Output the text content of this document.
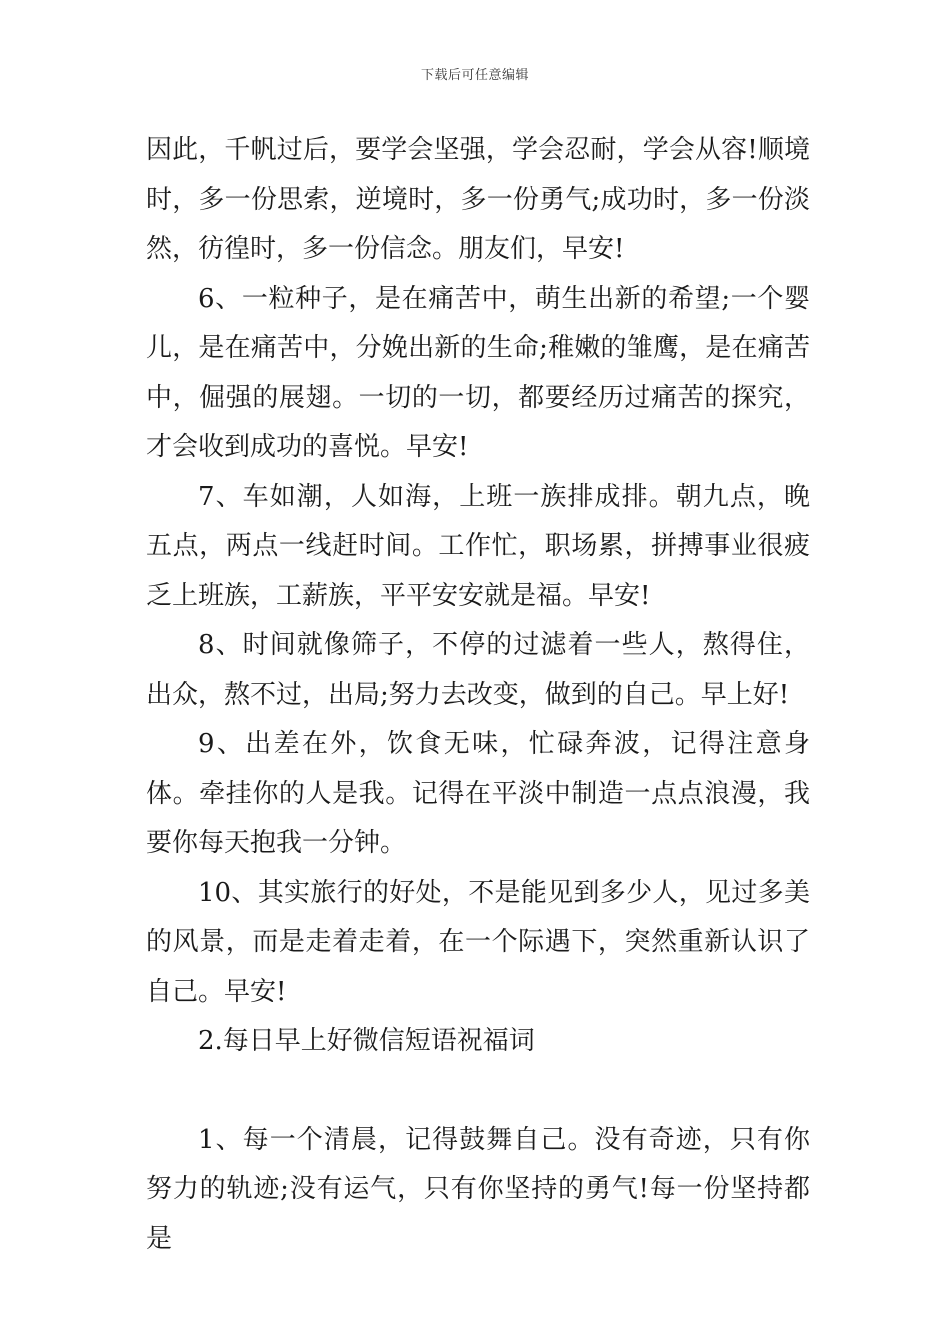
下载后可任意编辑

因此，千帆过后，要学会坚强，学会忍耐，学会从容!顺境时，多一份思索，逆境时，多一份勇气;成功时，多一份淡然，彷徨时，多一份信念。朋友们，早安!

6、一粒种子，是在痛苦中，萌生出新的希望;一个婴儿，是在痛苦中，分娩出新的生命;稚嫩的雏鹰，是在痛苦中，倔强的展翅。一切的一切，都要经历过痛苦的探究，才会收到成功的喜悦。早安!

7、车如潮，人如海，上班一族排成排。朝九点，晚五点，两点一线赶时间。工作忙，职场累，拼搏事业很疲乏上班族，工薪族，平平安安就是福。早安!

8、时间就像筛子，不停的过滤着一些人，熬得住，出众，熬不过，出局;努力去改变，做到的自己。早上好!

9、出差在外，饮食无味，忙碌奔波，记得注意身体。牵挂你的人是我。记得在平淡中制造一点点浪漫，我要你每天抱我一分钟。

10、其实旅行的好处，不是能见到多少人，见过多美的风景，而是走着走着，在一个际遇下，突然重新认识了自己。早安!

2.每日早上好微信短语祝福词

1、每一个清晨，记得鼓舞自己。没有奇迹，只有你努力的轨迹;没有运气，只有你坚持的勇气!每一份坚持都是
